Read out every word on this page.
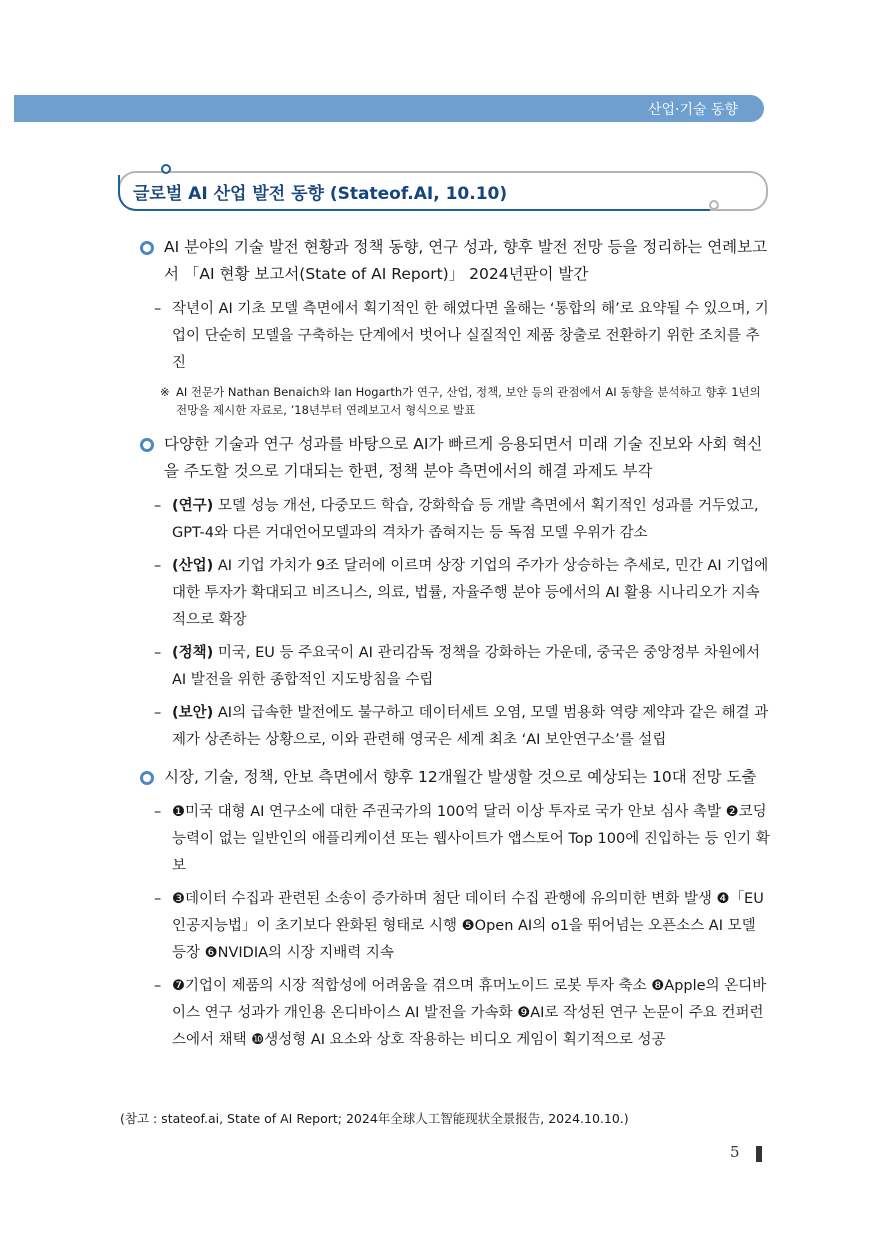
산업·기술 동향
글로벌 AI 산업 발전 동향 (Stateof.AI, 10.10)
AI 분야의 기술 발전 현황과 정책 동향, 연구 성과, 향후 발전 전망 등을 정리하는 연례보고서 「AI 현황 보고서(State of AI Report)」 2024년판이 발간
– 작년이 AI 기초 모델 측면에서 획기적인 한 해였다면 올해는 ‘통합의 해’로 요약될 수 있으며, 기업이 단순히 모델을 구축하는 단계에서 벗어나 실질적인 제품 창출로 전환하기 위한 조치를 추진
※ AI 전문가 Nathan Benaich와 Ian Hogarth가 연구, 산업, 정책, 보안 등의 관점에서 AI 동향을 분석하고 향후 1년의 전망을 제시한 자료로, ’18년부터 연례보고서 형식으로 발표
다양한 기술과 연구 성과를 바탕으로 AI가 빠르게 응용되면서 미래 기술 진보와 사회 혁신을 주도할 것으로 기대되는 한편, 정책 분야 측면에서의 해결 과제도 부각
– (연구) 모델 성능 개선, 다중모드 학습, 강화학습 등 개발 측면에서 획기적인 성과를 거두었고, GPT-4와 다른 거대언어모델과의 격차가 좁혀지는 등 독점 모델 우위가 감소
– (산업) AI 기업 가치가 9조 달러에 이르며 상장 기업의 주가가 상승하는 추세로, 민간 AI 기업에 대한 투자가 확대되고 비즈니스, 의료, 법률, 자율주행 분야 등에서의 AI 활용 시나리오가 지속적으로 확장
– (정책) 미국, EU 등 주요국이 AI 관리감독 정책을 강화하는 가운데, 중국은 중앙정부 차원에서 AI 발전을 위한 종합적인 지도방침을 수립
– (보안) AI의 급속한 발전에도 불구하고 데이터세트 오염, 모델 범용화 역량 제약과 같은 해결 과제가 상존하는 상황으로, 이와 관련해 영국은 세계 최초 ‘AI 보안연구소’를 설립
시장, 기술, 정책, 안보 측면에서 향후 12개월간 발생할 것으로 예상되는 10대 전망 도출
– ❶미국 대형 AI 연구소에 대한 주권국가의 100억 달러 이상 투자로 국가 안보 심사 촉발 ❷코딩 능력이 없는 일반인의 애플리케이션 또는 웹사이트가 앱스토어 Top 100에 진입하는 등 인기 확보
– ❸데이터 수집과 관련된 소송이 증가하며 첨단 데이터 수집 관행에 유의미한 변화 발생 ❹「EU 인공지능법」이 초기보다 완화된 형태로 시행 ❺Open AI의 o1을 뛰어넘는 오픈소스 AI 모델 등장 ❻NVIDIA의 시장 지배력 지속
– ❼기업이 제품의 시장 적합성에 어려움을 겪으며 휴머노이드 로봇 투자 축소 ❽Apple의 온디바이스 연구 성과가 개인용 온디바이스 AI 발전을 가속화 ❾AI로 작성된 연구 논문이 주요 컨퍼런스에서 채택 ❿생성형 AI 요소와 상호 작용하는 비디오 게임이 획기적으로 성공
(참고 : stateof.ai, State of AI Report; 2024年全球人工智能现状全景报告, 2024.10.10.)
5
